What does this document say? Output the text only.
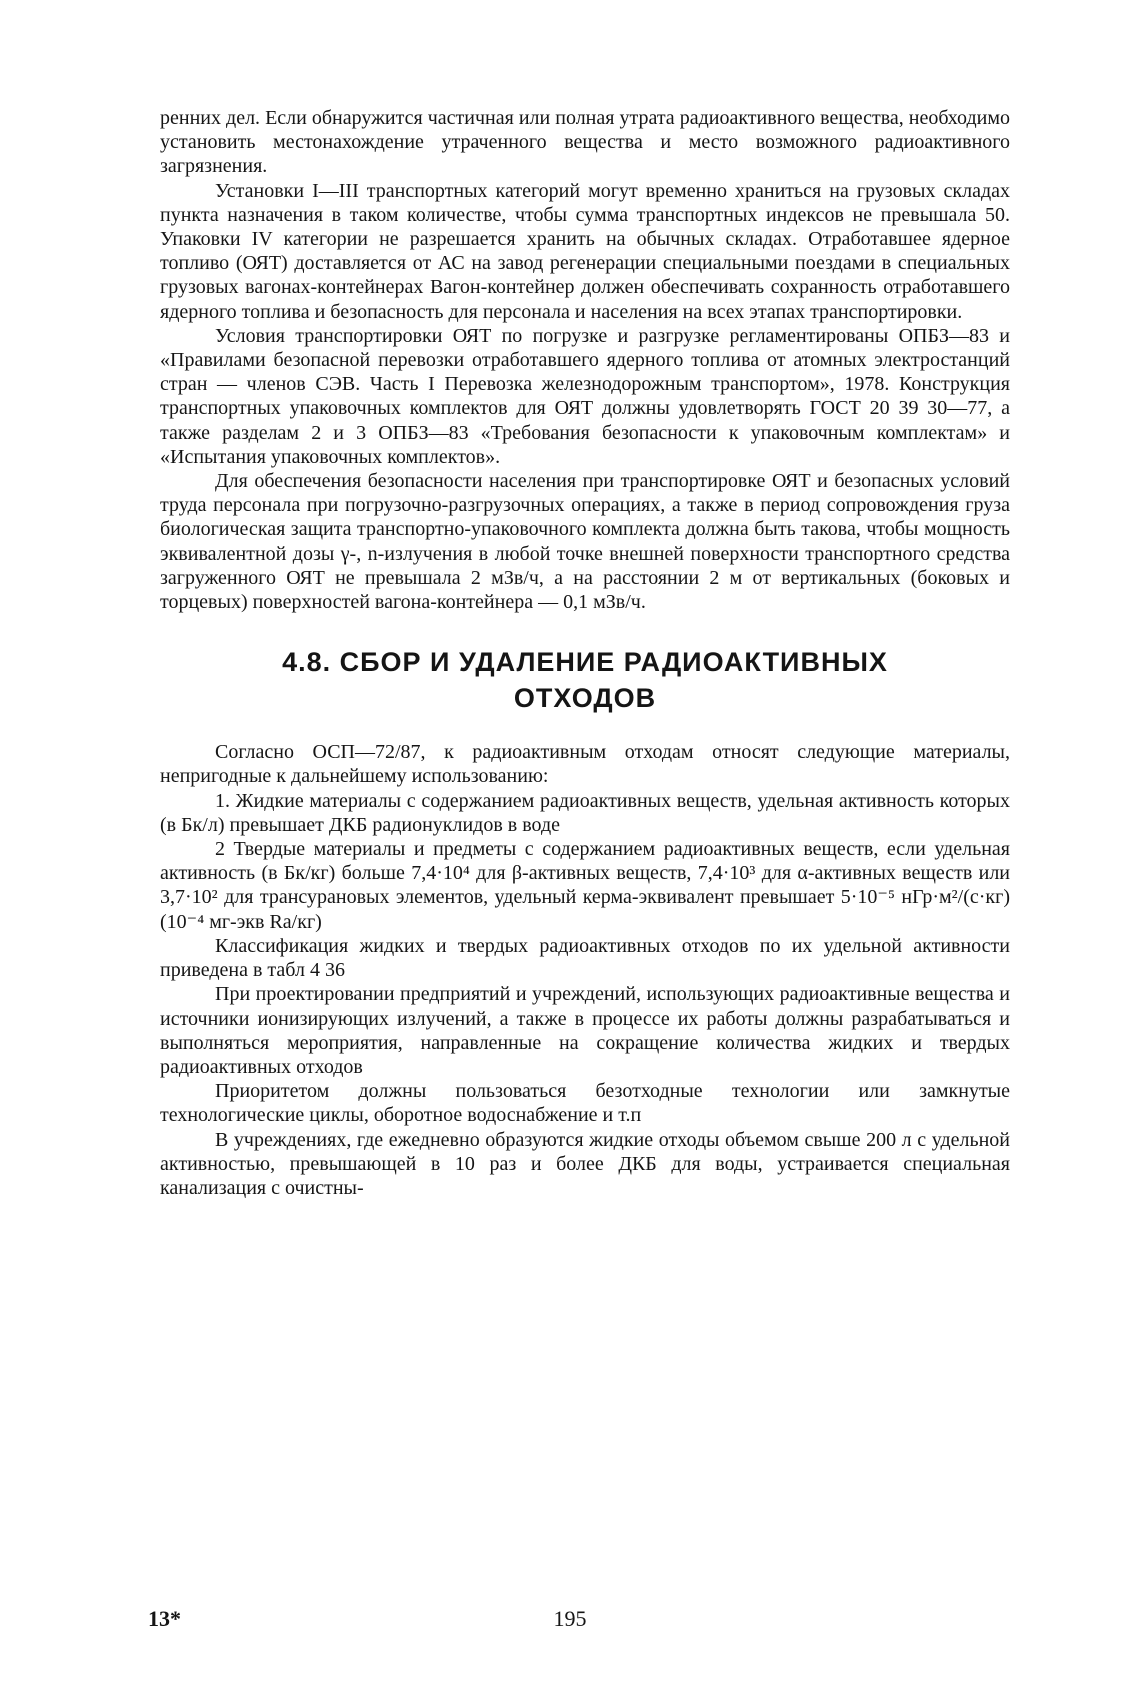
ренних дел. Если обнаружится частичная или полная утрата радиоактивного вещества, необходимо установить местонахождение утраченного вещества и место возможного радиоактивного загрязнения.

Установки I—III транспортных категорий могут временно храниться на грузовых складах пункта назначения в таком количестве, чтобы сумма транспортных индексов не превышала 50. Упаковки IV категории не разрешается хранить на обычных складах. Отработавшее ядерное топливо (ОЯТ) доставляется от АС на завод регенерации специальными поездами в специальных грузовых вагонах-контейнерах Вагон-контейнер должен обеспечивать сохранность отработавшего ядерного топлива и безопасность для персонала и населения на всех этапах транспортировки.

Условия транспортировки ОЯТ по погрузке и разгрузке регламентированы ОПБЗ—83 и «Правилами безопасной перевозки отработавшего ядерного топлива от атомных электростанций стран — членов СЭВ. Часть I Перевозка железнодорожным транспортом», 1978. Конструкция транспортных упаковочных комплектов для ОЯТ должны удовлетворять ГОСТ 20 39 30—77, а также разделам 2 и 3 ОПБЗ—83 «Требования безопасности к упаковочным комплектам» и «Испытания упаковочных комплектов».

Для обеспечения безопасности населения при транспортировке ОЯТ и безопасных условий труда персонала при погрузочно-разгрузочных операциях, а также в период сопровождения груза биологическая защита транспортно-упаковочного комплекта должна быть такова, чтобы мощность эквивалентной дозы γ-, n-излучения в любой точке внешней поверхности транспортного средства загруженного ОЯТ не превышала 2 мЗв/ч, а на расстоянии 2 м от вертикальных (боковых и торцевых) поверхностей вагона-контейнера — 0,1 мЗв/ч.

4.8. СБОР И УДАЛЕНИЕ РАДИОАКТИВНЫХ
ОТХОДОВ

Согласно ОСП—72/87, к радиоактивным отходам относят следующие материалы, непригодные к дальнейшему использованию:

1. Жидкие материалы с содержанием радиоактивных веществ, удельная активность которых (в Бк/л) превышает ДКБ радионуклидов в воде

2 Твердые материалы и предметы с содержанием радиоактивных веществ, если удельная активность (в Бк/кг) больше 7,4·10⁴ для β-активных веществ, 7,4·10³ для α-активных веществ или 3,7·10² для трансурановых элементов, удельный керма-эквивалент превышает 5·10⁻⁵ нГр·м²/(с·кг) (10⁻⁴ мг-экв Ra/кг)

Классификация жидких и твердых радиоактивных отходов по их удельной активности приведена в табл 4 36

При проектировании предприятий и учреждений, использующих радиоактивные вещества и источники ионизирующих излучений, а также в процессе их работы должны разрабатываться и выполняться мероприятия, направленные на сокращение количества жидких и твердых радиоактивных отходов

Приоритетом должны пользоваться безотходные технологии или замкнутые технологические циклы, оборотное водоснабжение и т.п

В учреждениях, где ежедневно образуются жидкие отходы объемом свыше 200 л с удельной активностью, превышающей в 10 раз и более ДКБ для воды, устраивается специальная канализация с очистны-

13*	195
